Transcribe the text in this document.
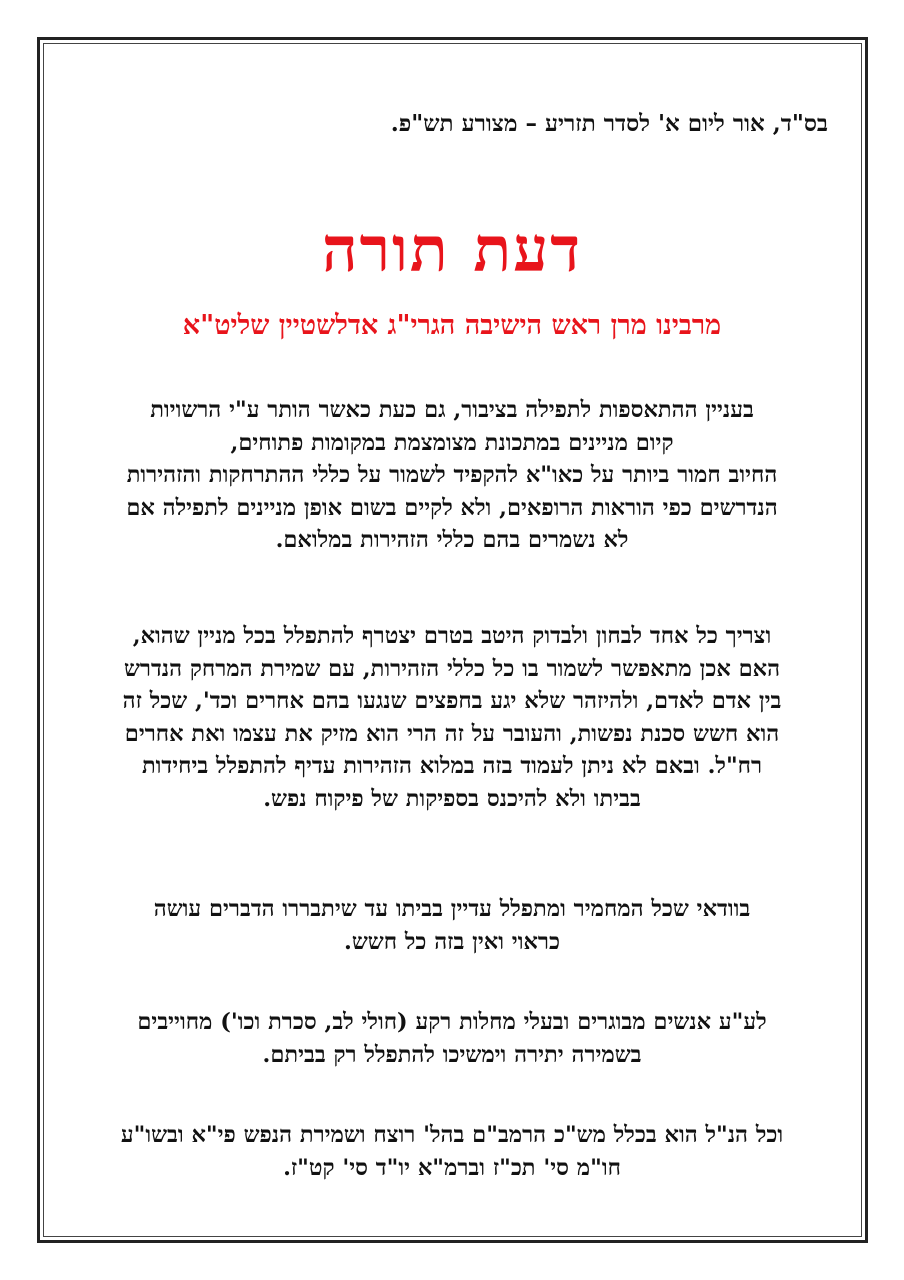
בס"ד, אור ליום א' לסדר תזריע – מצורע תש"פ.
דעת תורה
מרבינו מרן ראש הישיבה הגרי"ג אדלשטיין שליט"א
בעניין ההתאספות לתפילה בציבור, גם כעת כאשר הותר ע"י הרשויות
קיום מניינים במתכונת מצומצמת במקומות פתוחים,
החיוב חמור ביותר על כאו"א להקפיד לשמור על כללי ההתרחקות והזהירות
הנדרשים כפי הוראות הרופאים, ולא לקיים בשום אופן מניינים לתפילה אם
לא נשמרים בהם כללי הזהירות במלואם.
וצריך כל אחד לבחון ולבדוק היטב בטרם יצטרף להתפלל בכל מניין שהוא,
האם אכן מתאפשר לשמור בו כל כללי הזהירות, עם שמירת המרחק הנדרש
בין אדם לאדם, ולהיזהר שלא יגע בחפצים שנגעו בהם אחרים וכד', שכל זה
הוא חשש סכנת נפשות, והעובר על זה הרי הוא מזיק את עצמו ואת אחרים
רח"ל. ובאם לא ניתן לעמוד בזה במלוא הזהירות עדיף להתפלל ביחידות
בביתו ולא להיכנס בספיקות של פיקוח נפש.
בוודאי שכל המחמיר ומתפלל עדיין בביתו עד שיתבררו הדברים עושה
כראוי ואין בזה כל חשש.
לע"ע אנשים מבוגרים ובעלי מחלות רקע (חולי לב, סכרת וכו') מחוייבים
בשמירה יתירה וימשיכו להתפלל רק בביתם.
וכל הנ"ל הוא בכלל מש"כ הרמב"ם בהל' רוצח ושמירת הנפש פי"א ובשו"ע
חו"מ סי' תכ"ז וברמ"א יו"ד סי' קט"ז.
